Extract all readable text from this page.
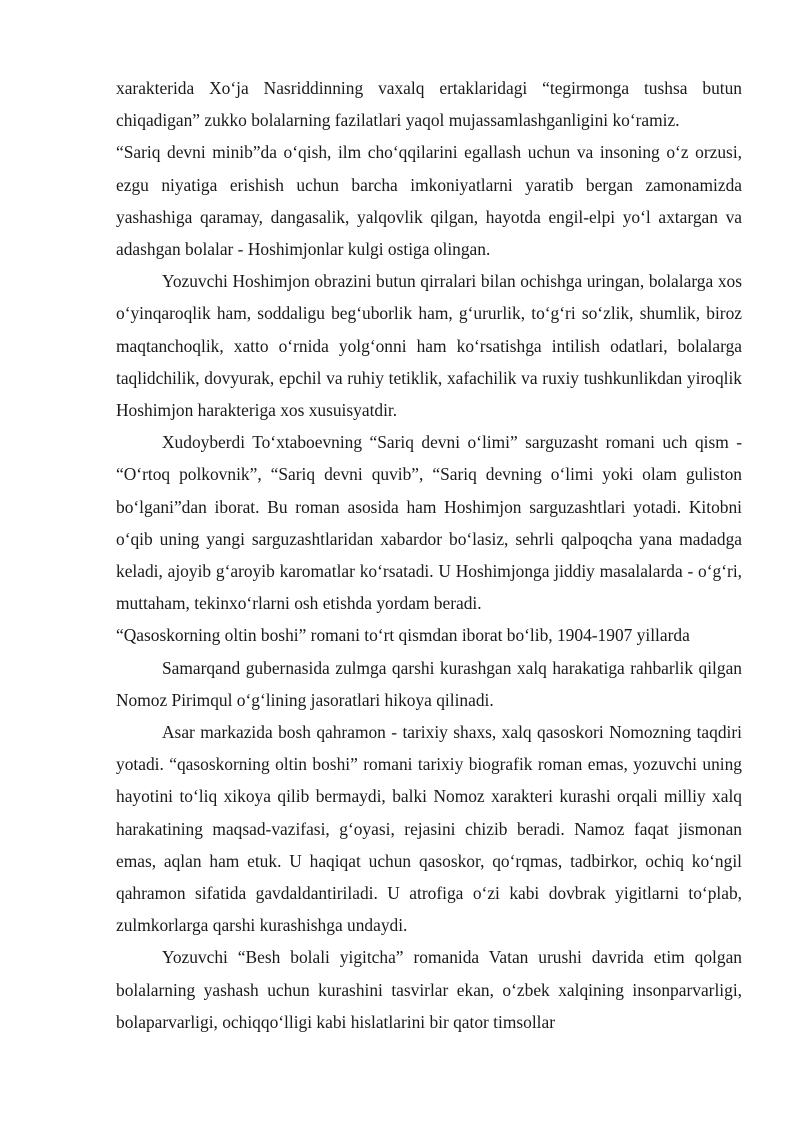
xarakterida Xo‘ja Nasriddinning vaxalq ertaklaridagi “tegirmonga tushsa butun chiqadigan” zukko bolalarning fazilatlari yaqol mujassamlashganligini ko‘ramiz.

“Sariq devni minib”da o‘qish, ilm cho‘qqilarini egallash uchun va insoning o‘z orzusi, ezgu niyatiga erishish uchun barcha imkoniyatlarni yaratib bergan zamonamizda yashashiga qaramay, dangasalik, yalqovlik qilgan, hayotda engil-elpi yo‘l axtargan va adashgan bolalar - Hoshimjonlar kulgi ostiga olingan.

Yozuvchi Hoshimjon obrazini butun qirralari bilan ochishga uringan, bolalarga xos o‘yinqaroqlik ham, soddaligu beg‘uborlik ham, g‘ururlik, to‘g‘ri so‘zlik, shumlik, biroz maqtanchoqlik, xatto o‘rnida yolg‘onni ham ko‘rsatishga intilish odatlari, bolalarga taqlidchilik, dovyurak, epchil va ruhiy tetiklik, xafachilik va ruxiy tushkunlikdan yiroqlik Hoshimjon harakteriga xos xusuisyatdir.

Xudoyberdi To‘xtaboevning “Sariq devni o‘limi” sarguzasht romani uch qism - “O‘rtoq polkovnik”, “Sariq devni quvib”, “Sariq devning o‘limi yoki olam guliston bo‘lgani”dan iborat. Bu roman asosida ham Hoshimjon sarguzashtlari yotadi. Kitobni o‘qib uning yangi sarguzashtlaridan xabardor bo‘lasiz, sehrli qalpoqcha yana madadga keladi, ajoyib g‘aroyib karomatlar ko‘rsatadi. U Hoshimjonga jiddiy masalalarda - o‘g‘ri, muttaham, tekinxo‘rlarni osh etishda yordam beradi.

“Qasoskorning oltin boshi” romani to‘rt qismdan iborat bo‘lib, 1904-1907 yillarda

Samarqand gubernasida zulmga qarshi kurashgan xalq harakatiga rahbarlik qilgan Nomoz Pirimqul o‘g‘lining jasoratlari hikoya qilinadi.

Asar markazida bosh qahramon - tarixiy shaxs, xalq qasoskori Nomozning taqdiri yotadi. “qasoskorning oltin boshi” romani tarixiy biografik roman emas, yozuvchi uning hayotini to‘liq xikoya qilib bermaydi, balki Nomoz xarakteri kurashi orqali milliy xalq harakatining maqsad-vazifasi, g‘oyasi, rejasini chizib beradi. Namoz faqat jismonan emas, aqlan ham etuk. U haqiqat uchun qasoskor, qo‘rqmas, tadbirkor, ochiq ko‘ngil qahramon sifatida gavdaldantiriladi. U atrofiga o‘zi kabi dovbrak yigitlarni to‘plab, zulmkorlarga qarshi kurashishga undaydi.

Yozuvchi “Besh bolali yigitcha” romanida Vatan urushi davrida etim qolgan bolalarning yashash uchun kurashini tasvirlar ekan, o‘zbek xalqining insonparvarligi, bolaparvarligi, ochiqqo‘lligi kabi hislatlarini bir qator timsollar
